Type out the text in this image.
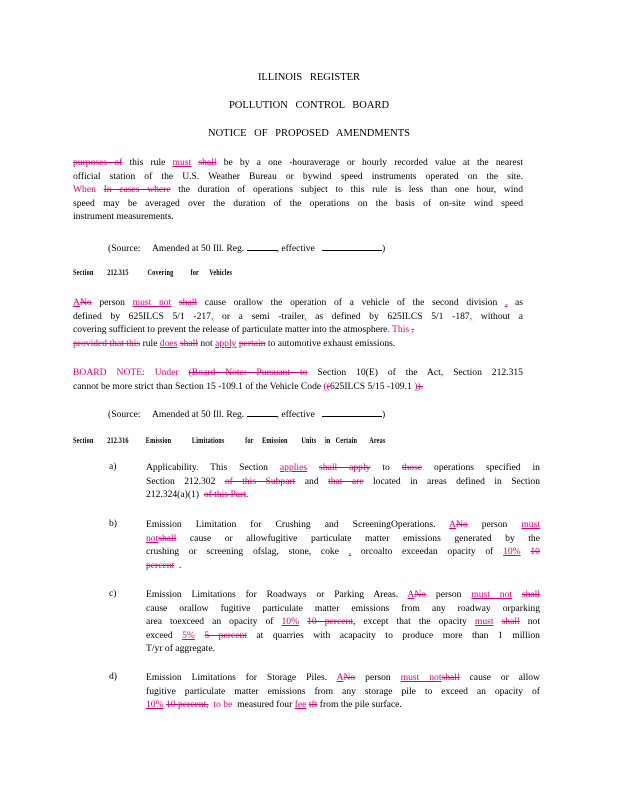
ILLINOIS REGISTER
POLLUTION CONTROL BOARD
NOTICE OF PROPOSED AMENDMENTS
purposes of this rule must shall be by a one -houraverage or hourly recorded value at the nearest
official station of the U.S. Weather Bureau or bywind speed instruments operated on the site.
When In cases where the duration of operations subject to this rule is less than one hour, wind
speed may be averaged over the duration of the operations on the basis of on-site wind speed
instrument measurements.
(Source: Amended at 50 Ill. Reg.	, effective	)
Section 212.315 Covering for Vehicles
ANo person must not shall cause orallow the operation of a vehicle of the second division , as
defined by 625ILCS 5/1 -217, or a semi -trailer, as defined by 625ILCS 5/1 -187, without a
covering sufficient to prevent the release of particulate matter into the atmosphere. This ,
provided that this rule does shall not apply pertain to automotive exhaust emissions.
BOARD NOTE: Under (Board Note: Pursuant to Section 10(E) of the Act, Section 212.315
cannot be more strict than Section 15 -109.1 of the Vehicle Code ((625ILCS 5/15 -109.1 )).
(Source: Amended at 50 Ill. Reg.	, effective	)
Section 212.316 Emission	Limitations	for Emission Units in Certain Areas
a)	Applicability. This Section applies shall apply to those operations specified in
Section 212.302 of this Subpart and that are located in areas defined in Section
212.324(a)(1) of this Part.
b)	Emission Limitation for Crushing and ScreeningOperations. ANo person must
notshall cause or allowfugitive particulate matter emissions generated by the
crushing or screening ofslag, stone, coke , orcoalto exceedan opacity of 10% 10
percent .
c)	Emission Limitations for Roadways or Parking Areas. ANo person must not shall
cause orallow fugitive particulate matter emissions from any roadway orparking
area toexceed an opacity of 10% 10 percent, except that the opacity must shall not
exceed 5% 5 percent at quarries with acapacity to produce more than 1 million
T/yr of aggregate.
d)	Emission Limitations for Storage Piles. ANo person must notshall cause or allow
fugitive particulate matter emissions from any storage pile to exceed an opacity of
10% 10 percent, to be measured four fee tft from the pile surface.
